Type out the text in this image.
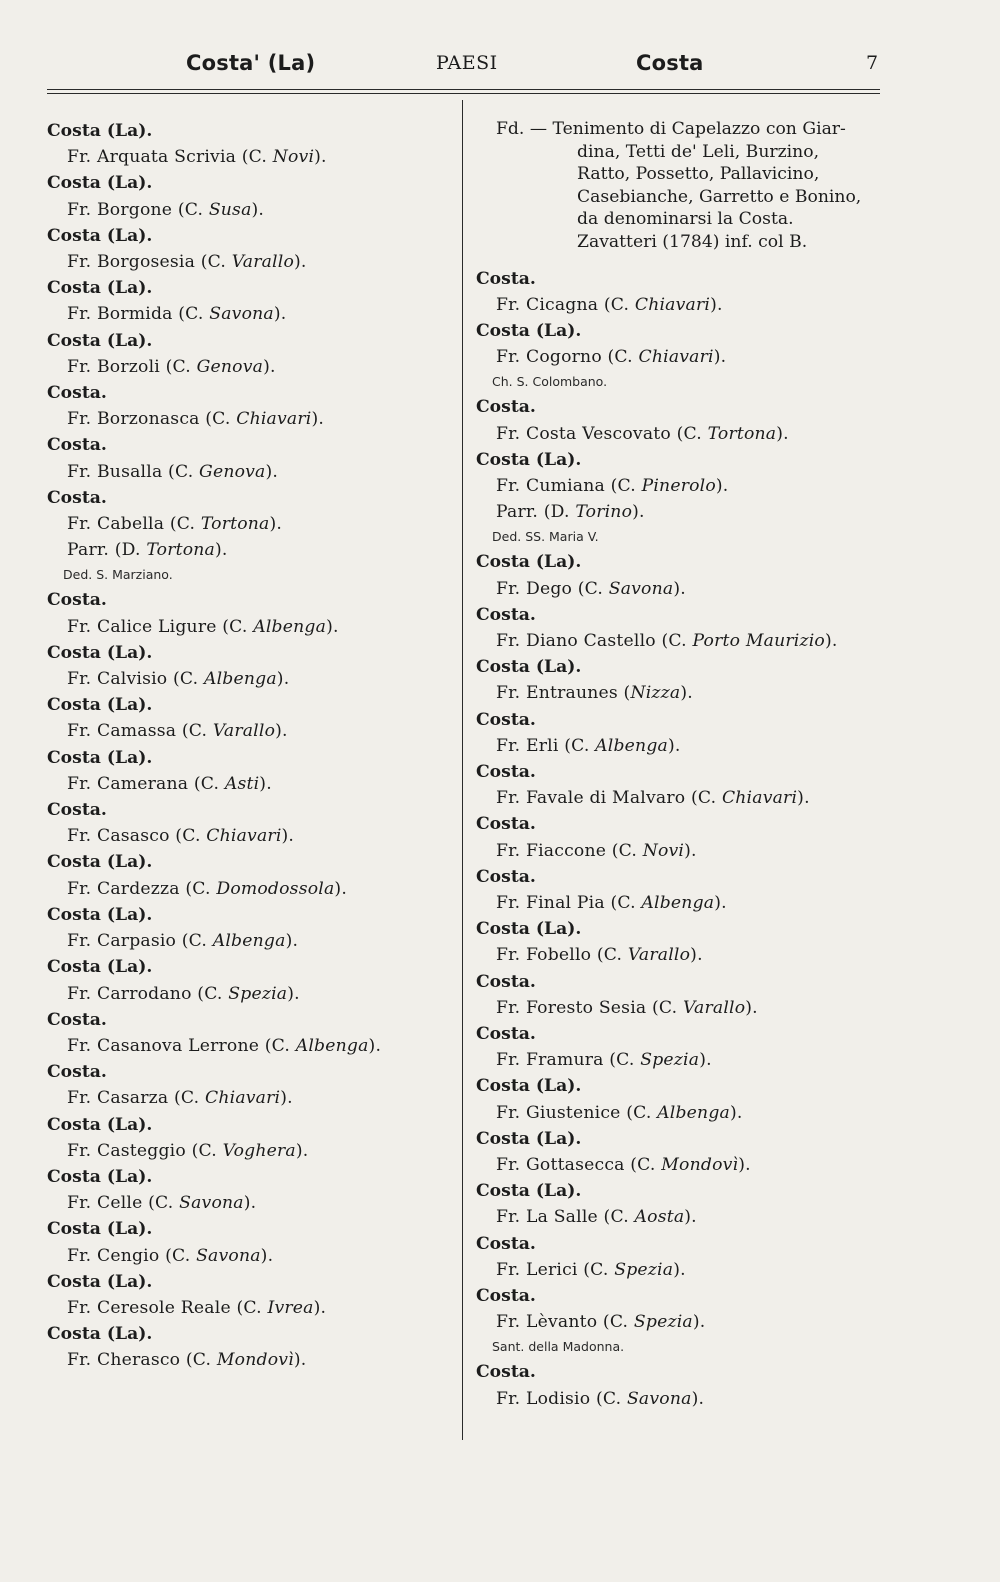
Costa' (La)	PAESI	Costa	7
Costa (La).
Fr. Arquata Scrivia (C. Novi).
Costa (La).
Fr. Borgone (C. Susa).
Costa (La).
Fr. Borgosesia (C. Varallo).
Costa (La).
Fr. Bormida (C. Savona).
Costa (La).
Fr. Borzoli (C. Genova).
Costa.
Fr. Borzonasca (C. Chiavari).
Costa.
Fr. Busalla (C. Genova).
Costa.
Fr. Cabella (C. Tortona).
Parr. (D. Tortona).
Ded. S. Marziano.
Costa.
Fr. Calice Ligure (C. Albenga).
Costa (La).
Fr. Calvisio (C. Albenga).
Costa (La).
Fr. Camassa (C. Varallo).
Costa (La).
Fr. Camerana (C. Asti).
Costa.
Fr. Casasco (C. Chiavari).
Costa (La).
Fr. Cardezza (C. Domodossola).
Costa (La).
Fr. Carpasio (C. Albenga).
Costa (La).
Fr. Carrodano (C. Spezia).
Costa.
Fr. Casanova Lerrone (C. Albenga).
Costa.
Fr. Casarza (C. Chiavari).
Costa (La).
Fr. Casteggio (C. Voghera).
Costa (La).
Fr. Celle (C. Savona).
Costa (La).
Fr. Cengio (C. Savona).
Costa (La).
Fr. Ceresole Reale (C. Ivrea).
Costa (La).
Fr. Cherasco (C. Mondovì).
Fd. — Tenimento di Capelazzo con Giar-
dina, Tetti de' Leli, Burzino,
Ratto, Possetto, Pallavicino,
Casebianche, Garretto e Bonino,
da denominarsi la Costa.
Zavatteri (1784) inf. col B.
Costa.
Fr. Cicagna (C. Chiavari).
Costa (La).
Fr. Cogorno (C. Chiavari).
Ch. S. Colombano.
Costa.
Fr. Costa Vescovato (C. Tortona).
Costa (La).
Fr. Cumiana (C. Pinerolo).
Parr. (D. Torino).
Ded. SS. Maria V.
Costa (La).
Fr. Dego (C. Savona).
Costa.
Fr. Diano Castello (C. Porto Maurizio).
Costa (La).
Fr. Entraunes (Nizza).
Costa.
Fr. Erli (C. Albenga).
Costa.
Fr. Favale di Malvaro (C. Chiavari).
Costa.
Fr. Fiaccone (C. Novi).
Costa.
Fr. Final Pia (C. Albenga).
Costa (La).
Fr. Fobello (C. Varallo).
Costa.
Fr. Foresto Sesia (C. Varallo).
Costa.
Fr. Framura (C. Spezia).
Costa (La).
Fr. Giustenice (C. Albenga).
Costa (La).
Fr. Gottasecca (C. Mondovì).
Costa (La).
Fr. La Salle (C. Aosta).
Costa.
Fr. Lerici (C. Spezia).
Costa.
Fr. Lèvanto (C. Spezia).
Sant. della Madonna.
Costa.
Fr. Lodisio (C. Savona).
